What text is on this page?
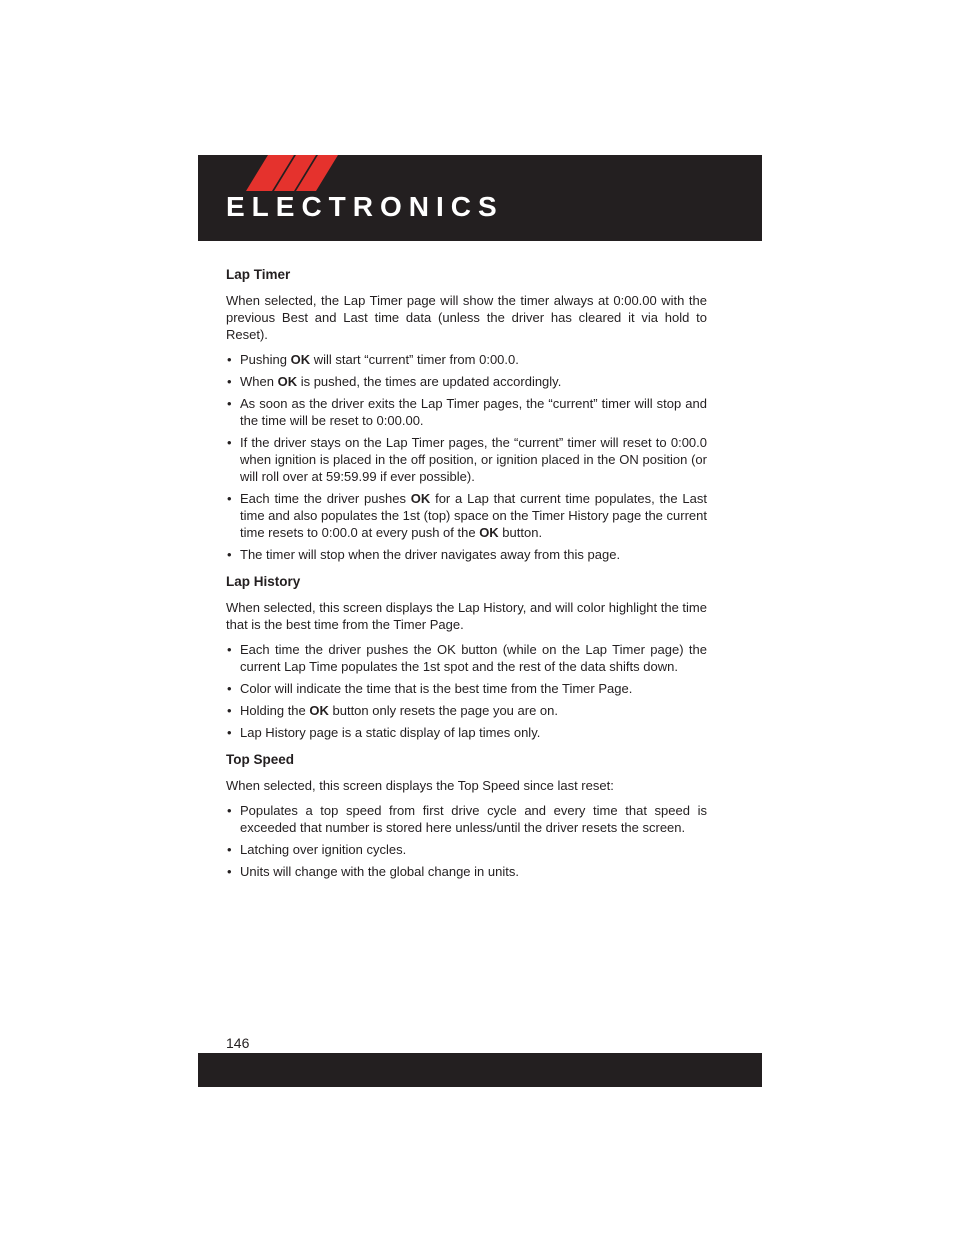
ELECTRONICS
Lap Timer

When selected, the Lap Timer page will show the timer always at 0:00.00 with the previous Best and Last time data (unless the driver has cleared it via hold to Reset).

• Pushing OK will start “current” timer from 0:00.0.
• When OK is pushed, the times are updated accordingly.
• As soon as the driver exits the Lap Timer pages, the “current” timer will stop and the time will be reset to 0:00.00.
• If the driver stays on the Lap Timer pages, the “current” timer will reset to 0:00.0 when ignition is placed in the off position, or ignition placed in the ON position (or will roll over at 59:59.99 if ever possible).
• Each time the driver pushes OK for a Lap that current time populates, the Last time and also populates the 1st (top) space on the Timer History page the current time resets to 0:00.0 at every push of the OK button.
• The timer will stop when the driver navigates away from this page.
Lap History

When selected, this screen displays the Lap History, and will color highlight the time that is the best time from the Timer Page.

• Each time the driver pushes the OK button (while on the Lap Timer page) the current Lap Time populates the 1st spot and the rest of the data shifts down.
• Color will indicate the time that is the best time from the Timer Page.
• Holding the OK button only resets the page you are on.
• Lap History page is a static display of lap times only.
Top Speed

When selected, this screen displays the Top Speed since last reset:

• Populates a top speed from first drive cycle and every time that speed is exceeded that number is stored here unless/until the driver resets the screen.
• Latching over ignition cycles.
• Units will change with the global change in units.
146
